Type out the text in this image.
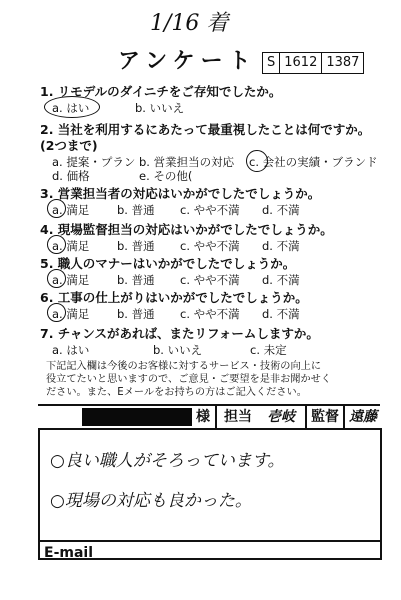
1/16 着
アンケート S 1612 1387
1. リモデルのダイニチをご存知でしたか。
a. はい	b. いいえ
2. 当社を利用するにあたって最重視したことは何ですか。
(2つまで)
a. 提案・プラン b. 営業担当の対応 c. 会社の実績・ブランド
d. 価格	e. その他(
3. 営業担当者の対応はいかがでしたでしょうか。
a. 満足 b. 普通 c. やや不満 d. 不満
4. 現場監督担当の対応はいかがでしたでしょうか。
a. 満足 b. 普通 c. やや不満 d. 不満
5. 職人のマナーはいかがでしたでしょうか。
a. 満足 b. 普通 c. やや不満 d. 不満
6. 工事の仕上がりはいかがでしたでしょうか。
a. 満足 b. 普通 c. やや不満 d. 不満
7. チャンスがあれば、またリフォームしますか。
a. はい	b. いいえ	c. 未定
下記記入欄は今後のお客様に対するサービス・技術の向上に
役立てたいと思いますので、ご意見・ご要望を是非お聞かせく
ださい。また、Eメールをお持ちの方はご記入ください。
様	担当	壱岐	監督 遠藤
○良い職人がそろっています。
○現場の対応も良かった。
E-mail
